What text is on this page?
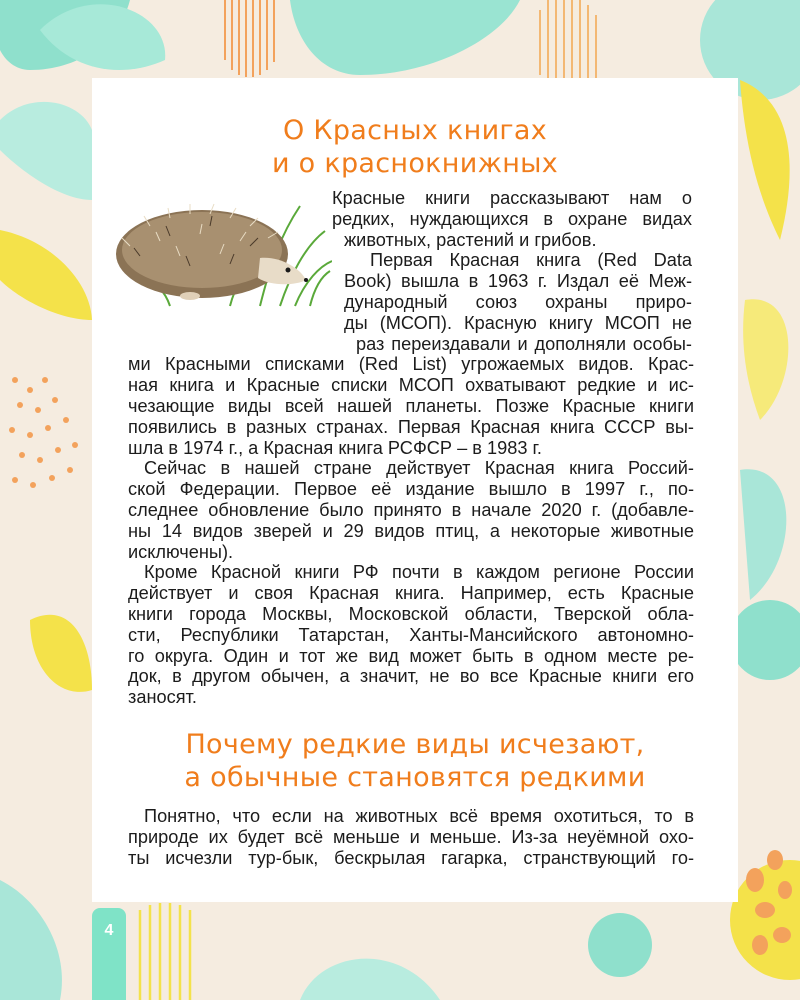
О Красных книгах
и о краснокнижных
Красные книги рассказывают нам о
редких, нуждающихся в охране видах
животных, растений и грибов.
Первая Красная книга (Red Data
Book) вышла в 1963 г. Издал её Меж-
дународный союз охраны приро-
ды (МСОП). Красную книгу МСОП не
раз переиздавали и дополняли особы-
ми Красными списками (Red List) угрожаемых видов. Крас-
ная книга и Красные списки МСОП охватывают редкие и ис-
чезающие виды всей нашей планеты. Позже Красные книги
появились в разных странах. Первая Красная книга СССР вы-
шла в 1974 г., а Красная книга РСФСР – в 1983 г.
Сейчас в нашей стране действует Красная книга Россий-
ской Федерации. Первое её издание вышло в 1997 г., по-
следнее обновление было принято в начале 2020 г. (добавле-
ны 14 видов зверей и 29 видов птиц, а некоторые животные
исключены).
Кроме Красной книги РФ почти в каждом регионе России
действует и своя Красная книга. Например, есть Красные
книги города Москвы, Московской области, Тверской обла-
сти, Республики Татарстан, Ханты-Мансийского автономно-
го округа. Один и тот же вид может быть в одном месте ре-
док, в другом обычен, а значит, не во все Красные книги его
заносят.
Почему редкие виды исчезают,
а обычные становятся редкими
Понятно, что если на животных всё время охотиться, то в
природе их будет всё меньше и меньше. Из-за неуёмной охо-
ты исчезли тур-бык, бескрылая гагарка, странствующий го-
4
